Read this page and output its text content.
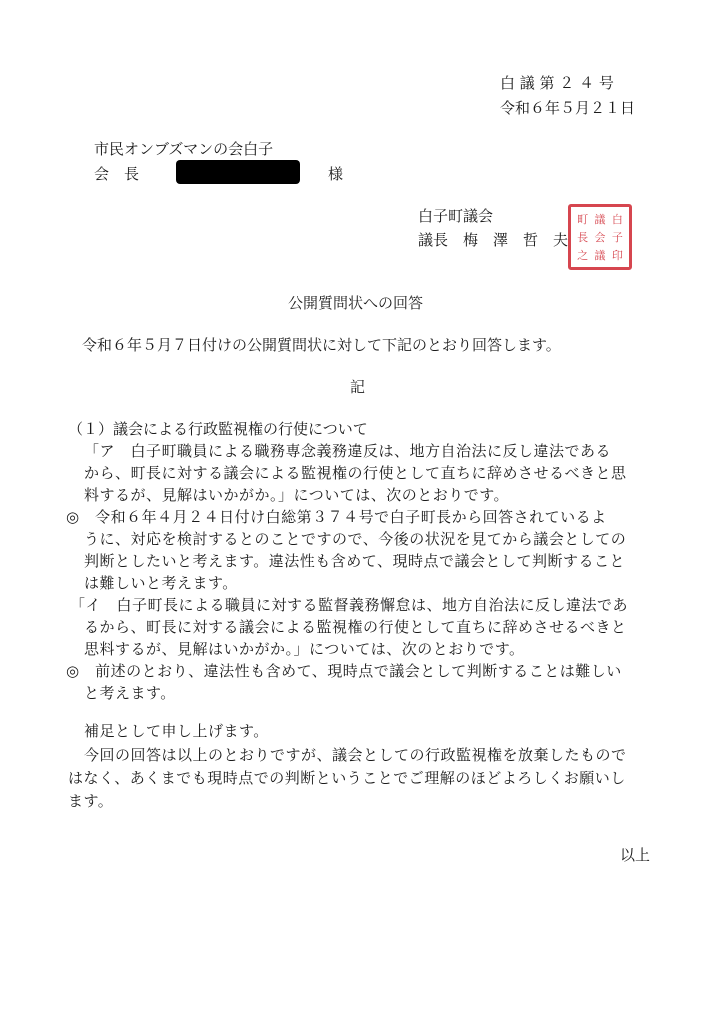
白 議 第 ２ ４ 号
令和６年５月２１日
市民オンブズマンの会白子
会　長	様
白子町議会
議長　梅　澤　哲　夫
町 議 白
長 会 子
之 議 印
公開質問状への回答
令和６年５月７日付けの公開質問状に対して下記のとおり回答します。
記
（１）議会による行政監視権の行使について
「ア　白子町職員による職務専念義務違反は、地方自治法に反し違法である
から、町長に対する議会による監視権の行使として直ちに辞めさせるべきと思
料するが、見解はいかがか。」については、次のとおりです。
◎　令和６年４月２４日付け白総第３７４号で白子町長から回答されているよ
うに、対応を検討するとのことですので、今後の状況を見てから議会としての
判断としたいと考えます。違法性も含めて、現時点で議会として判断すること
は難しいと考えます。
「イ　白子町長による職員に対する監督義務懈怠は、地方自治法に反し違法であ
るから、町長に対する議会による監視権の行使として直ちに辞めさせるべきと
思料するが、見解はいかがか。」については、次のとおりです。
◎　前述のとおり、違法性も含めて、現時点で議会として判断することは難しい
と考えます。
補足として申し上げます。
今回の回答は以上のとおりですが、議会としての行政監視権を放棄したもので
はなく、あくまでも現時点での判断ということでご理解のほどよろしくお願いし
ます。
以上
